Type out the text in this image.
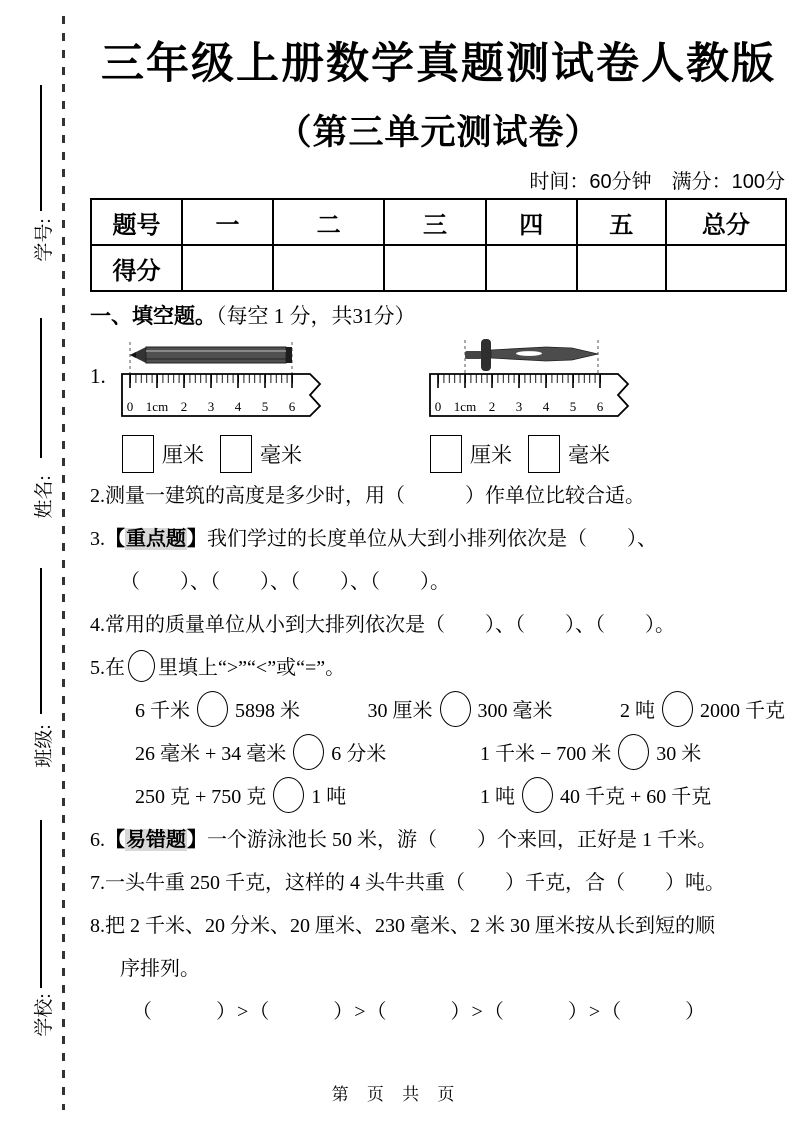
学号:
姓名:
班级:
学校:
三年级上册数学真题测试卷人教版
（第三单元测试卷）
时间：60分钟　满分：100分
题号	一	二	三	四	五	总分
得分						
一、填空题。（每空 1 分，共31分）
1.
0 1cm 2 3 4 5 6
厘米	毫米
0 1cm 2 3 4 5 6
厘米	毫米

2.测量一建筑的高度是多少时，用（　　　）作单位比较合适。

3.【重点题】我们学过的长度单位从大到小排列依次是（　　）、

（　　）、（　　）、（　　）、（　　）。

4.常用的质量单位从小到大排列依次是（　　）、（　　）、（　　）。

5.在 里填上“>”“<”或“=”。

6 千米 5898 米	30 厘米 300 毫米	2 吨 2000 千克
26 毫米 + 34 毫米 6 分米	1 千米 − 700 米 30 米
250 克 + 750 克 1 吨	1 吨 40 千克 + 60 千克

6.【易错题】一个游泳池长 50 米，游（　　）个来回，正好是 1 千米。

7.一头牛重 250 千克，这样的 4 头牛共重（　　）千克，合（　　）吨。

8.把 2 千米、20 分米、20 厘米、230 毫米、2 米 30 厘米按从长到短的顺

序排列。

（　　　）>（　　　）>（　　　）>（　　　）>（　　　）

第 页 共 页
